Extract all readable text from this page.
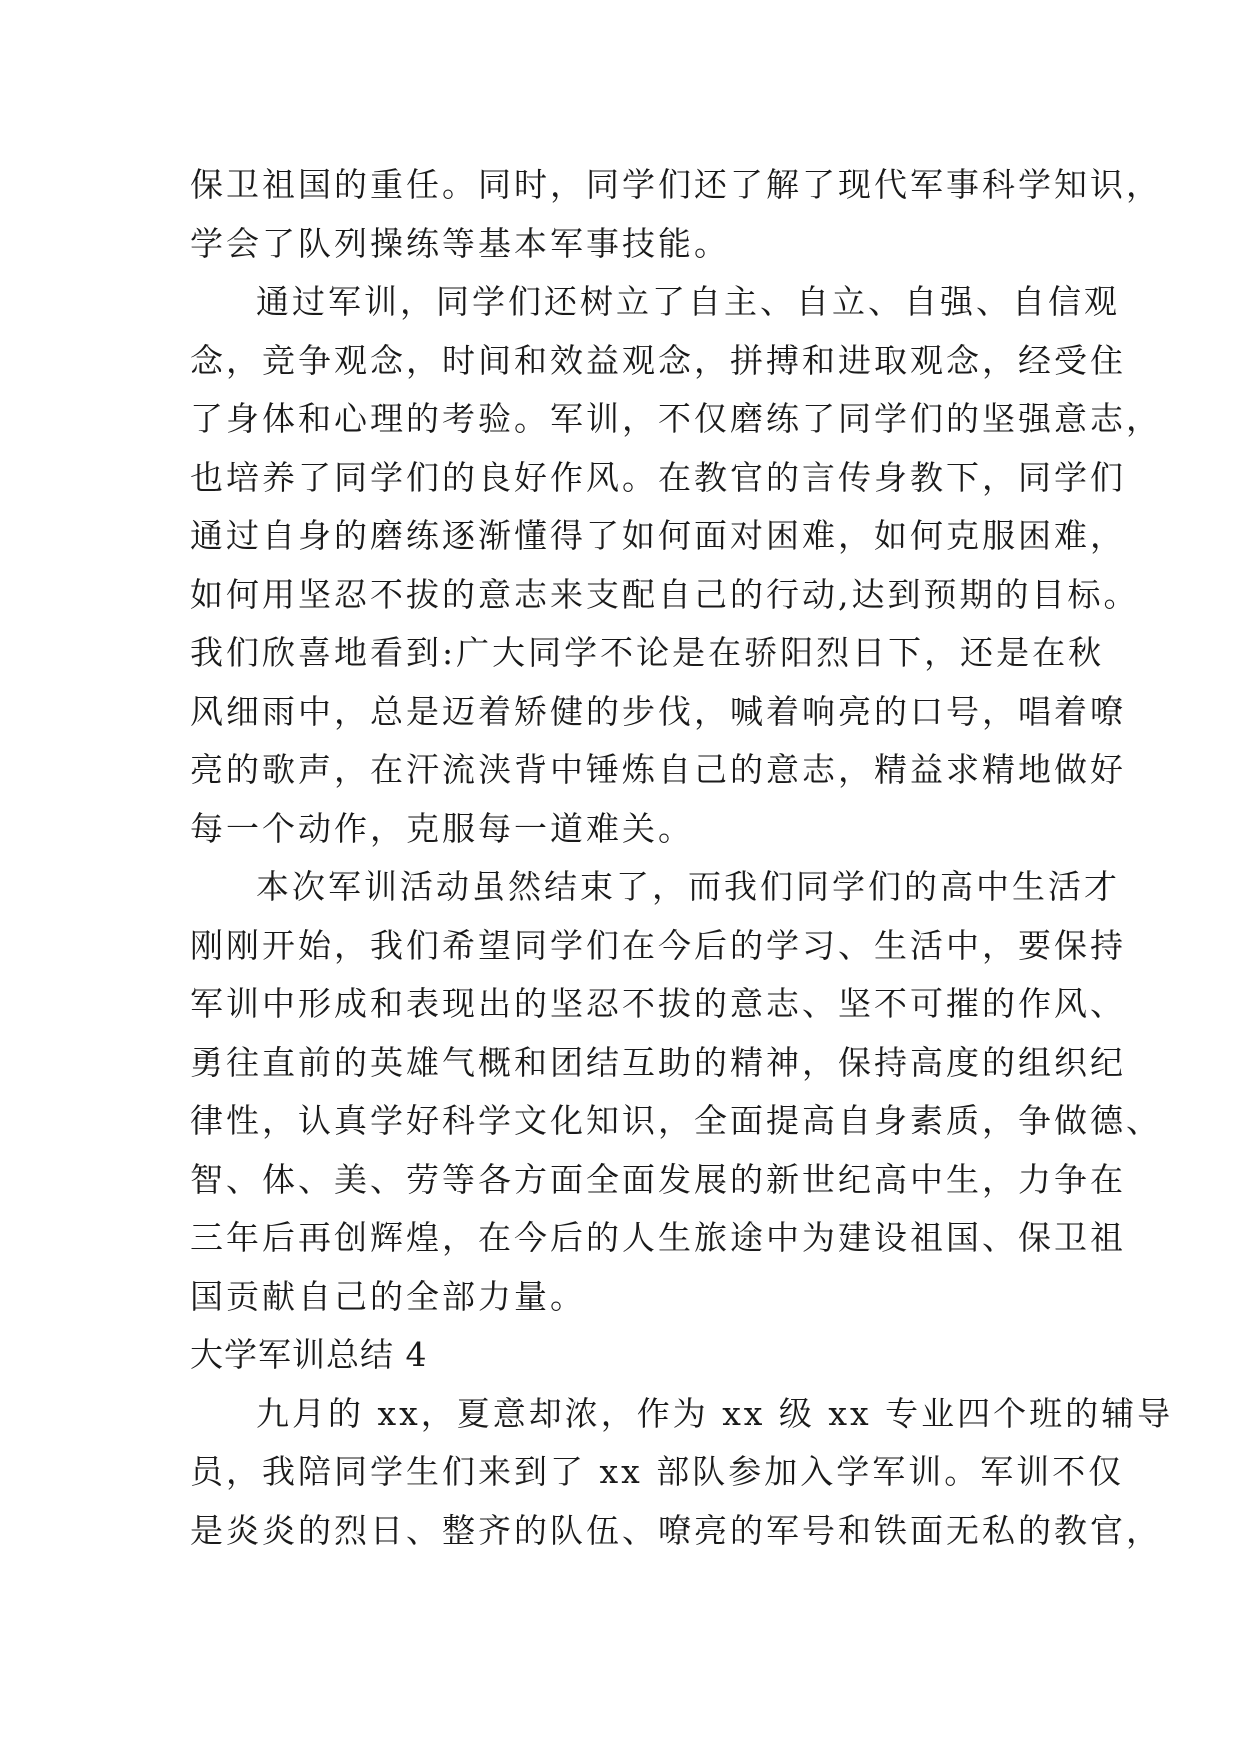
保卫祖国的重任。同时，同学们还了解了现代军事科学知识，
学会了队列操练等基本军事技能。
通过军训，同学们还树立了自主、自立、自强、自信观
念，竞争观念，时间和效益观念，拼搏和进取观念，经受住
了身体和心理的考验。军训，不仅磨练了同学们的坚强意志，
也培养了同学们的良好作风。在教官的言传身教下，同学们
通过自身的磨练逐渐懂得了如何面对困难，如何克服困难，
如何用坚忍不拔的意志来支配自己的行动,达到预期的目标。
我们欣喜地看到:广大同学不论是在骄阳烈日下，还是在秋
风细雨中，总是迈着矫健的步伐，喊着响亮的口号，唱着嘹
亮的歌声，在汗流浃背中锤炼自己的意志，精益求精地做好
每一个动作，克服每一道难关。
本次军训活动虽然结束了，而我们同学们的高中生活才
刚刚开始，我们希望同学们在今后的学习、生活中，要保持
军训中形成和表现出的坚忍不拔的意志、坚不可摧的作风、
勇往直前的英雄气概和团结互助的精神，保持高度的组织纪
律性，认真学好科学文化知识，全面提高自身素质，争做德、
智、体、美、劳等各方面全面发展的新世纪高中生，力争在
三年后再创辉煌，在今后的人生旅途中为建设祖国、保卫祖
国贡献自己的全部力量。
大学军训总结 4
九月的 xx，夏意却浓，作为 xx 级 xx 专业四个班的辅导
员，我陪同学生们来到了 xx 部队参加入学军训。军训不仅
是炎炎的烈日、整齐的队伍、嘹亮的军号和铁面无私的教官，
